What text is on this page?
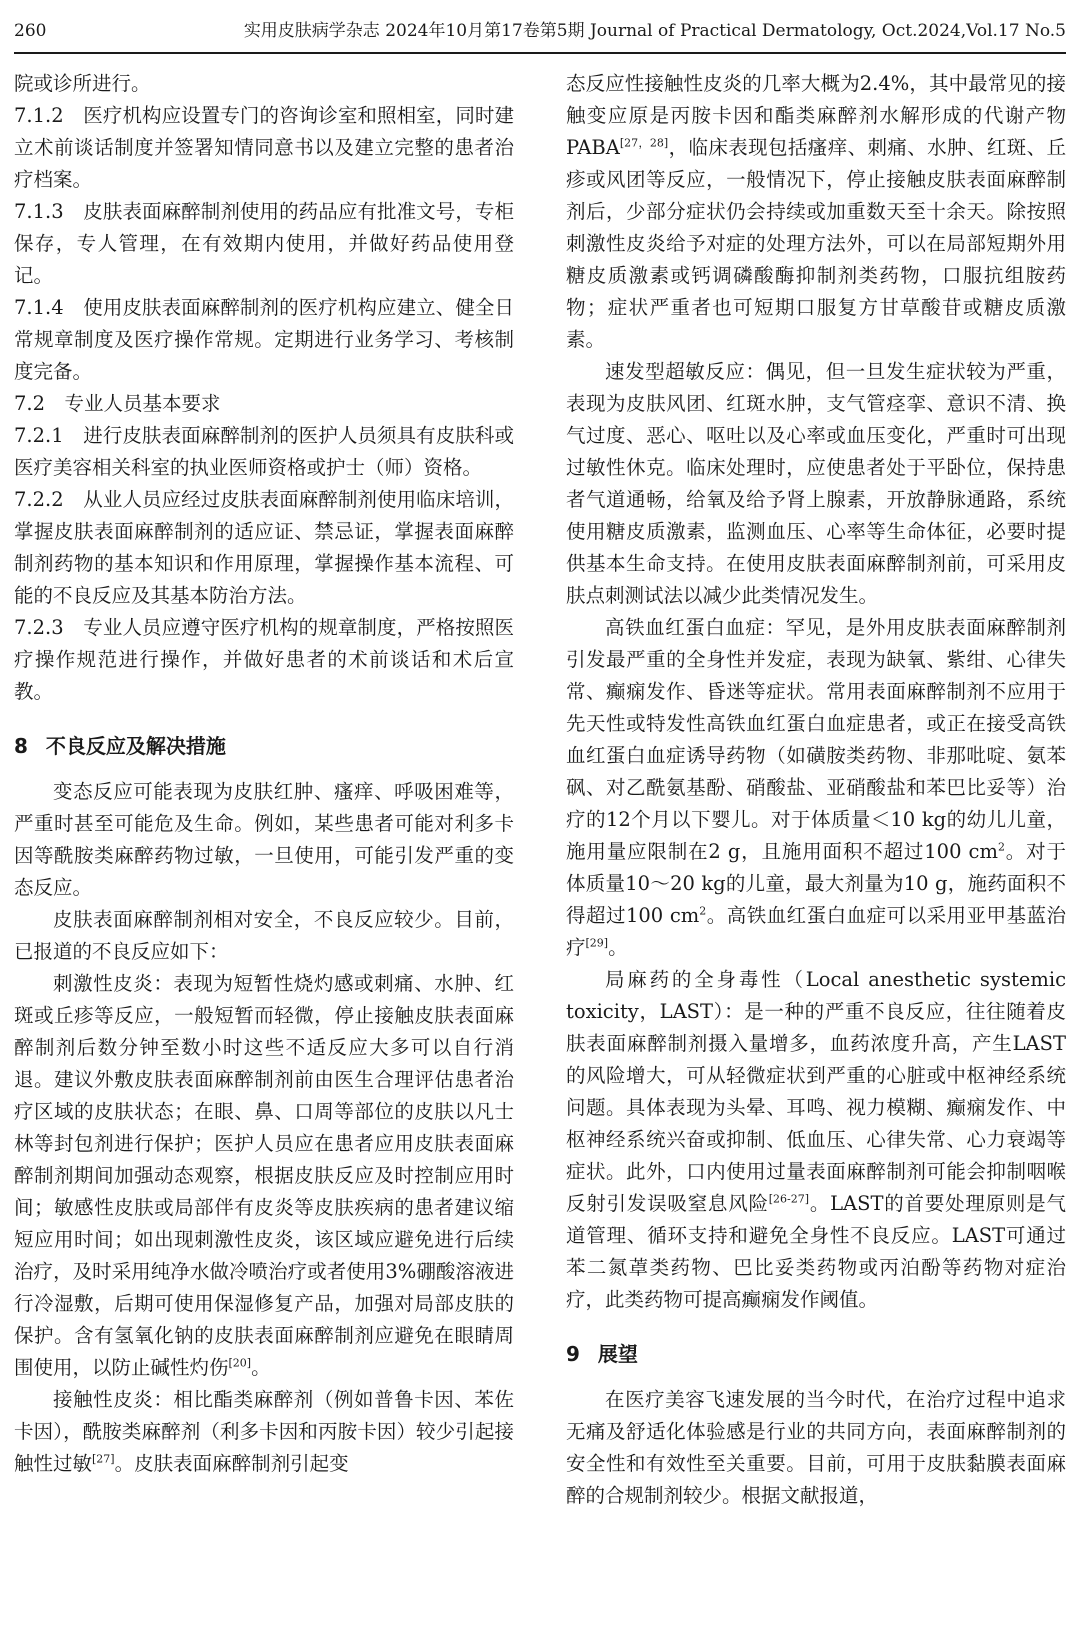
260	实用皮肤病学杂志 2024年10月第17卷第5期 Journal of Practical Dermatology, Oct.2024,Vol.17 No.5

院或诊所进行。

7.1.2　医疗机构应设置专门的咨询诊室和照相室，同时建立术前谈话制度并签署知情同意书以及建立完整的患者治疗档案。

7.1.3　皮肤表面麻醉制剂使用的药品应有批准文号，专柜保存，专人管理，在有效期内使用，并做好药品使用登记。

7.1.4　使用皮肤表面麻醉制剂的医疗机构应建立、健全日常规章制度及医疗操作常规。定期进行业务学习、考核制度完备。

7.2　专业人员基本要求

7.2.1　进行皮肤表面麻醉制剂的医护人员须具有皮肤科或医疗美容相关科室的执业医师资格或护士（师）资格。

7.2.2　从业人员应经过皮肤表面麻醉制剂使用临床培训，掌握皮肤表面麻醉制剂的适应证、禁忌证，掌握表面麻醉制剂药物的基本知识和作用原理，掌握操作基本流程、可能的不良反应及其基本防治方法。

7.2.3　专业人员应遵守医疗机构的规章制度，严格按照医疗操作规范进行操作，并做好患者的术前谈话和术后宣教。

8 不良反应及解决措施

变态反应可能表现为皮肤红肿、瘙痒、呼吸困难等，严重时甚至可能危及生命。例如，某些患者可能对利多卡因等酰胺类麻醉药物过敏，一旦使用，可能引发严重的变态反应。

皮肤表面麻醉制剂相对安全，不良反应较少。目前，已报道的不良反应如下：

刺激性皮炎：表现为短暂性烧灼感或刺痛、水肿、红斑或丘疹等反应，一般短暂而轻微，停止接触皮肤表面麻醉制剂后数分钟至数小时这些不适反应大多可以自行消退。建议外敷皮肤表面麻醉制剂前由医生合理评估患者治疗区域的皮肤状态；在眼、鼻、口周等部位的皮肤以凡士林等封包剂进行保护；医护人员应在患者应用皮肤表面麻醉制剂期间加强动态观察，根据皮肤反应及时控制应用时间；敏感性皮肤或局部伴有皮炎等皮肤疾病的患者建议缩短应用时间；如出现刺激性皮炎，该区域应避免进行后续治疗，及时采用纯净水做冷喷治疗或者使用3%硼酸溶液进行冷湿敷，后期可使用保湿修复产品，加强对局部皮肤的保护。含有氢氧化钠的皮肤表面麻醉制剂应避免在眼睛周围使用，以防止碱性灼伤[20]。

接触性皮炎：相比酯类麻醉剂（例如普鲁卡因、苯佐卡因），酰胺类麻醉剂（利多卡因和丙胺卡因）较少引起接触性过敏[27]。皮肤表面麻醉制剂引起变

态反应性接触性皮炎的几率大概为2.4%，其中最常见的接触变应原是丙胺卡因和酯类麻醉剂水解形成的代谢产物PABA[27，28]，临床表现包括瘙痒、刺痛、水肿、红斑、丘疹或风团等反应，一般情况下，停止接触皮肤表面麻醉制剂后，少部分症状仍会持续或加重数天至十余天。除按照刺激性皮炎给予对症的处理方法外，可以在局部短期外用糖皮质激素或钙调磷酸酶抑制剂类药物，口服抗组胺药物；症状严重者也可短期口服复方甘草酸苷或糖皮质激素。

速发型超敏反应：偶见，但一旦发生症状较为严重，表现为皮肤风团、红斑水肿，支气管痉挛、意识不清、换气过度、恶心、呕吐以及心率或血压变化，严重时可出现过敏性休克。临床处理时，应使患者处于平卧位，保持患者气道通畅，给氧及给予肾上腺素，开放静脉通路，系统使用糖皮质激素，监测血压、心率等生命体征，必要时提供基本生命支持。在使用皮肤表面麻醉制剂前，可采用皮肤点刺测试法以减少此类情况发生。

高铁血红蛋白血症：罕见，是外用皮肤表面麻醉制剂引发最严重的全身性并发症，表现为缺氧、紫绀、心律失常、癫痫发作、昏迷等症状。常用表面麻醉制剂不应用于先天性或特发性高铁血红蛋白血症患者，或正在接受高铁血红蛋白血症诱导药物（如磺胺类药物、非那吡啶、氨苯砜、对乙酰氨基酚、硝酸盐、亚硝酸盐和苯巴比妥等）治疗的12个月以下婴儿。对于体质量＜10 kg的幼儿儿童，施用量应限制在2 g，且施用面积不超过100 $cm^2$。对于体质量10～20 kg的儿童，最大剂量为10 g，施药面积不得超过100 $cm^2$。高铁血红蛋白血症可以采用亚甲基蓝治疗[29]。

局麻药的全身毒性（Local anesthetic systemic toxicity，LAST）：是一种的严重不良反应，往往随着皮肤表面麻醉制剂摄入量增多，血药浓度升高，产生LAST的风险增大，可从轻微症状到严重的心脏或中枢神经系统问题。具体表现为头晕、耳鸣、视力模糊、癫痫发作、中枢神经系统兴奋或抑制、低血压、心律失常、心力衰竭等症状。此外，口内使用过量表面麻醉制剂可能会抑制咽喉反射引发误吸窒息风险[26-27]。LAST的首要处理原则是气道管理、循环支持和避免全身性不良反应。LAST可通过苯二氮䓬类药物、巴比妥类药物或丙泊酚等药物对症治疗，此类药物可提高癫痫发作阈值。

9 展望

在医疗美容飞速发展的当今时代，在治疗过程中追求无痛及舒适化体验感是行业的共同方向，表面麻醉制剂的安全性和有效性至关重要。目前，可用于皮肤黏膜表面麻醉的合规制剂较少。根据文献报道，
